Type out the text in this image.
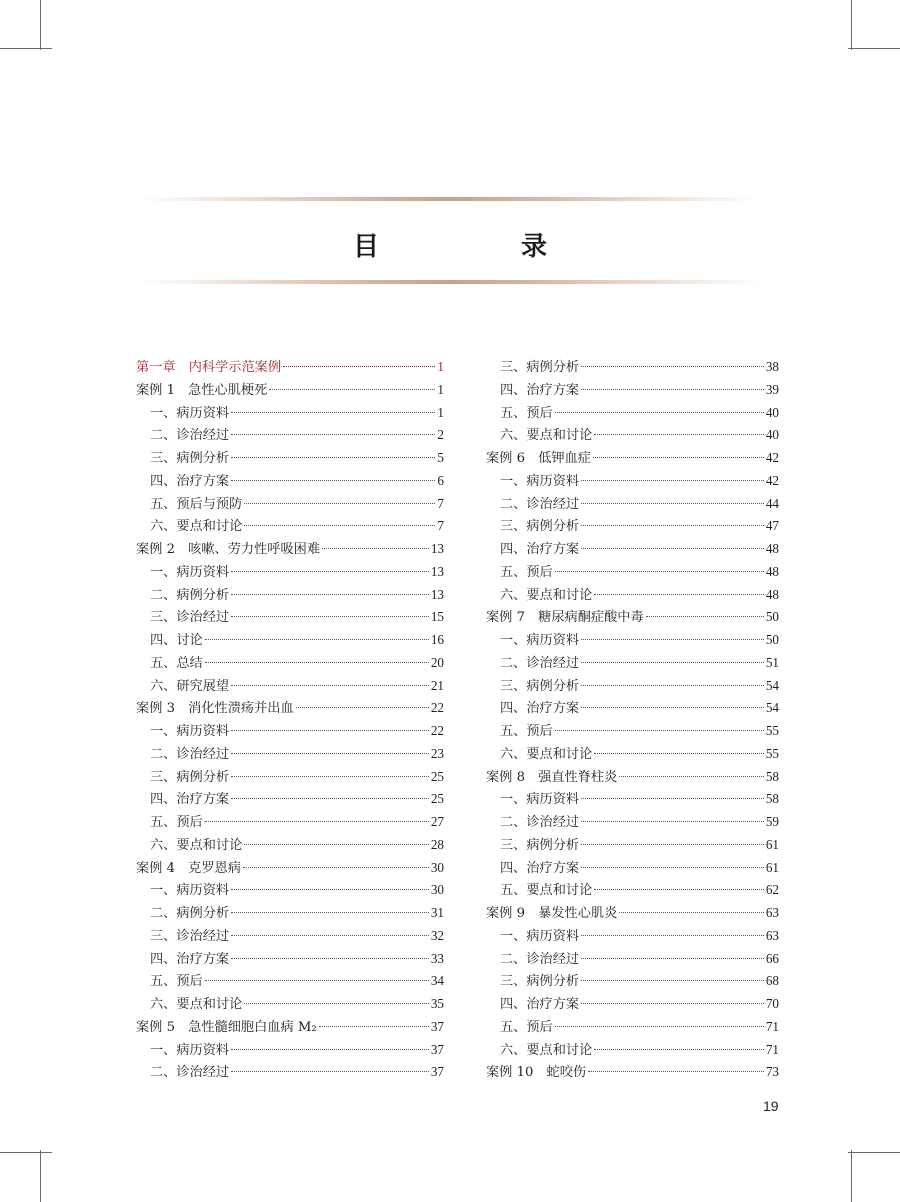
目　录
第一章　内科学示范案例	1
案例 1　急性心肌梗死	1
一、病历资料	1
二、诊治经过	2
三、病例分析	5
四、治疗方案	6
五、预后与预防	7
六、要点和讨论	7
案例 2　咳嗽、劳力性呼吸困难	13
一、病历资料	13
二、病例分析	13
三、诊治经过	15
四、讨论	16
五、总结	20
六、研究展望	21
案例 3　消化性溃疡并出血	22
一、病历资料	22
二、诊治经过	23
三、病例分析	25
四、治疗方案	25
五、预后	27
六、要点和讨论	28
案例 4　克罗恩病	30
一、病历资料	30
二、病例分析	31
三、诊治经过	32
四、治疗方案	33
五、预后	34
六、要点和讨论	35
案例 5　急性髓细胞白血病 M₂	37
一、病历资料	37
二、诊治经过	37
三、病例分析	38
四、治疗方案	39
五、预后	40
六、要点和讨论	40
案例 6　低钾血症	42
一、病历资料	42
二、诊治经过	44
三、病例分析	47
四、治疗方案	48
五、预后	48
六、要点和讨论	48
案例 7　糖尿病酮症酸中毒	50
一、病历资料	50
二、诊治经过	51
三、病例分析	54
四、治疗方案	54
五、预后	55
六、要点和讨论	55
案例 8　强直性脊柱炎	58
一、病历资料	58
二、诊治经过	59
三、病例分析	61
四、治疗方案	61
五、要点和讨论	62
案例 9　暴发性心肌炎	63
一、病历资料	63
二、诊治经过	66
三、病例分析	68
四、治疗方案	70
五、预后	71
六、要点和讨论	71
案例 10　蛇咬伤	73
19
